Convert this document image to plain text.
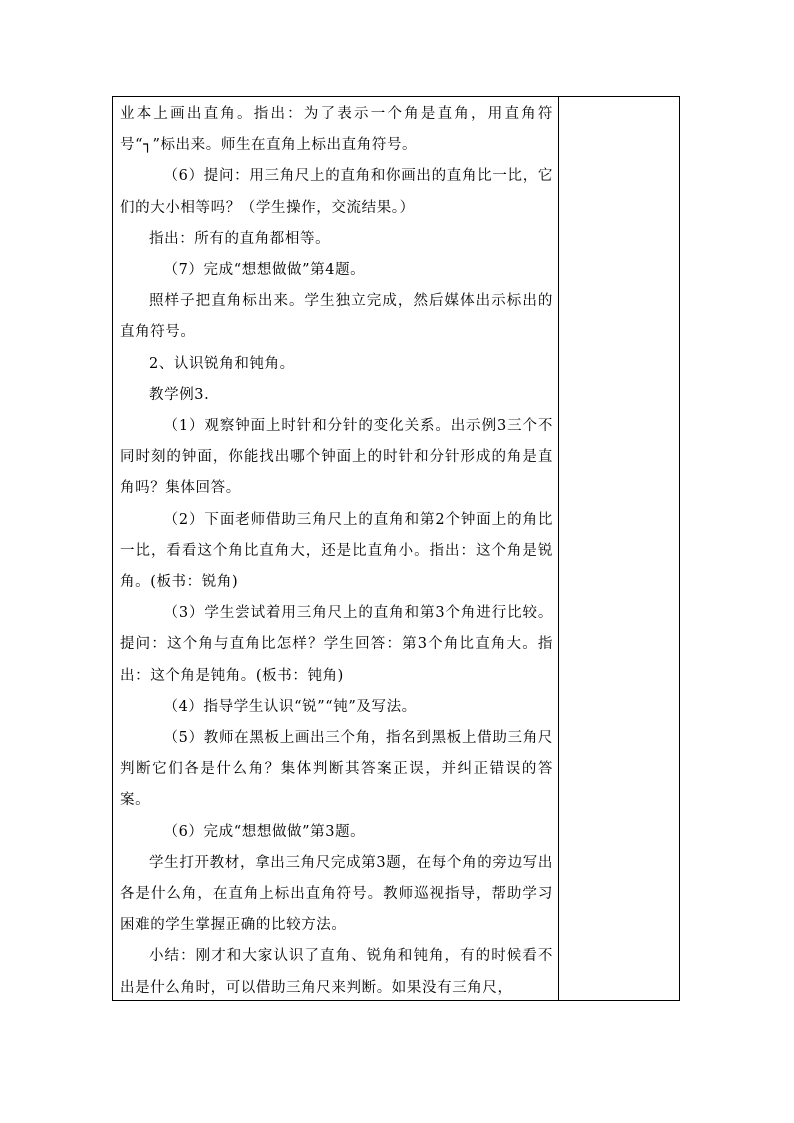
业本上画出直角。指出：为了表示一个角是直角，用直角符号“┐”标出来。师生在直角上标出直角符号。

（6）提问：用三角尺上的直角和你画出的直角比一比，它们的大小相等吗？（学生操作，交流结果。）

指出：所有的直角都相等。

（7）完成“想想做做”第4题。

照样子把直角标出来。学生独立完成，然后媒体出示标出的直角符号。

2、认识锐角和钝角。

教学例3.

（1）观察钟面上时针和分针的变化关系。出示例3三个不同时刻的钟面，你能找出哪个钟面上的时针和分针形成的角是直角吗？集体回答。

（2）下面老师借助三角尺上的直角和第2个钟面上的角比一比，看看这个角比直角大，还是比直角小。指出：这个角是锐角。(板书：锐角)

（3）学生尝试着用三角尺上的直角和第3个角进行比较。提问：这个角与直角比怎样？学生回答：第3个角比直角大。指出：这个角是钝角。(板书：钝角)

（4）指导学生认识“锐”“钝”及写法。

（5）教师在黑板上画出三个角，指名到黑板上借助三角尺判断它们各是什么角？集体判断其答案正误，并纠正错误的答案。

（6）完成“想想做做”第3题。

学生打开教材，拿出三角尺完成第3题，在每个角的旁边写出各是什么角，在直角上标出直角符号。教师巡视指导，帮助学习困难的学生掌握正确的比较方法。

小结：刚才和大家认识了直角、锐角和钝角，有的时候看不出是什么角时，可以借助三角尺来判断。如果没有三角尺，
